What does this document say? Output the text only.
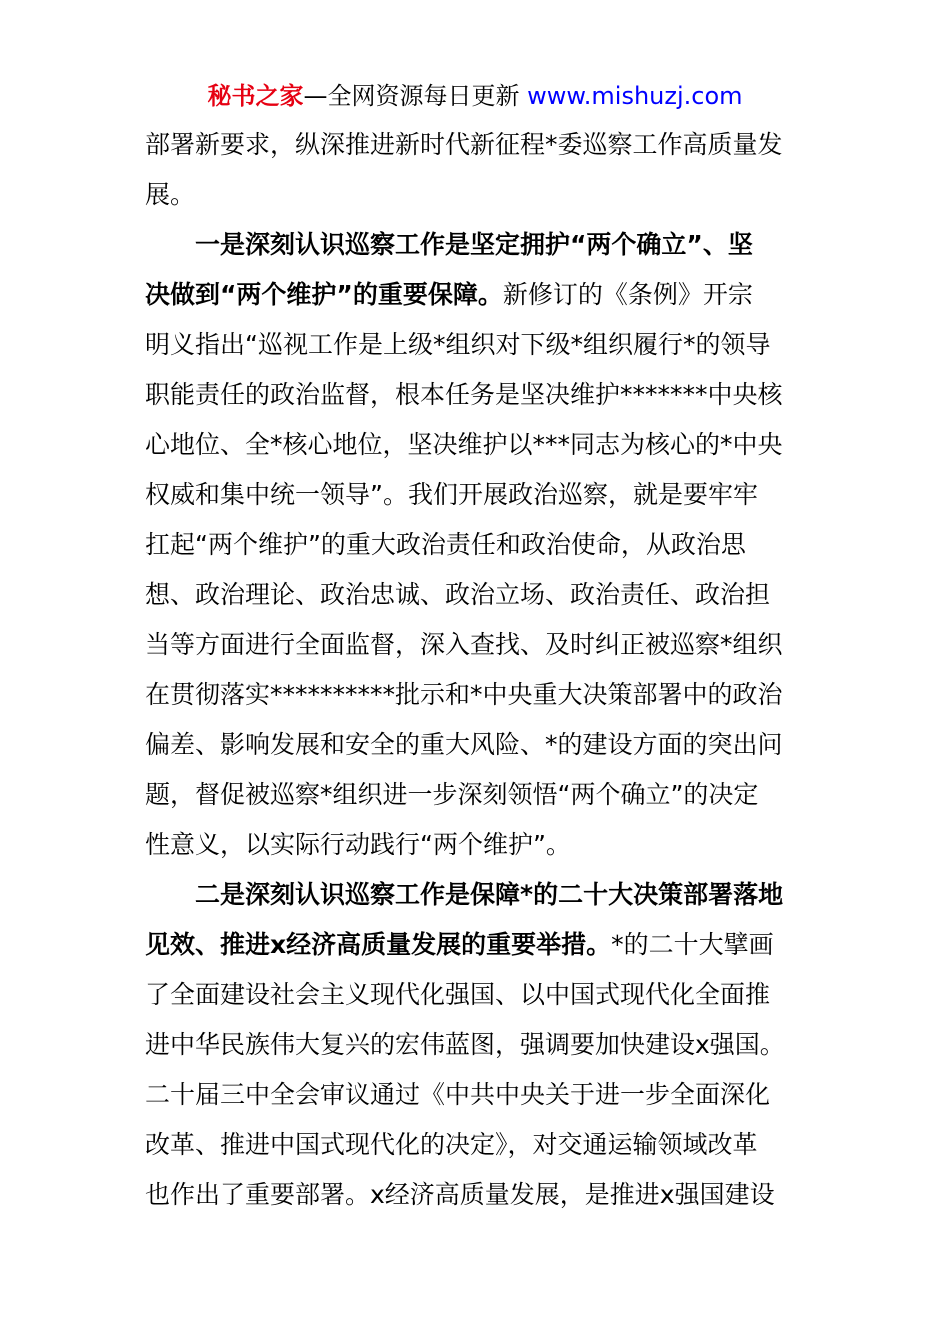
秘书之家—全网资源每日更新 www.mishuzj.com
部署新要求，纵深推进新时代新征程*委巡察工作高质量发
展。
一是深刻认识巡察工作是坚定拥护“两个确立”、坚
决做到“两个维护”的重要保障。新修订的《条例》开宗
明义指出“巡视工作是上级*组织对下级*组织履行*的领导
职能责任的政治监督，根本任务是坚决维护*******中央核
心地位、全*核心地位，坚决维护以***同志为核心的*中央
权威和集中统一领导”。我们开展政治巡察，就是要牢牢
扛起“两个维护”的重大政治责任和政治使命，从政治思
想、政治理论、政治忠诚、政治立场、政治责任、政治担
当等方面进行全面监督，深入查找、及时纠正被巡察*组织
在贯彻落实**********批示和*中央重大决策部署中的政治
偏差、影响发展和安全的重大风险、*的建设方面的突出问
题，督促被巡察*组织进一步深刻领悟“两个确立”的决定
性意义，以实际行动践行“两个维护”。
二是深刻认识巡察工作是保障*的二十大决策部署落地
见效、推进x经济高质量发展的重要举措。*的二十大擘画
了全面建设社会主义现代化强国、以中国式现代化全面推
进中华民族伟大复兴的宏伟蓝图，强调要加快建设x强国。
二十届三中全会审议通过《中共中央关于进一步全面深化
改革、推进中国式现代化的决定》，对交通运输领域改革
也作出了重要部署。x经济高质量发展，是推进x强国建设
